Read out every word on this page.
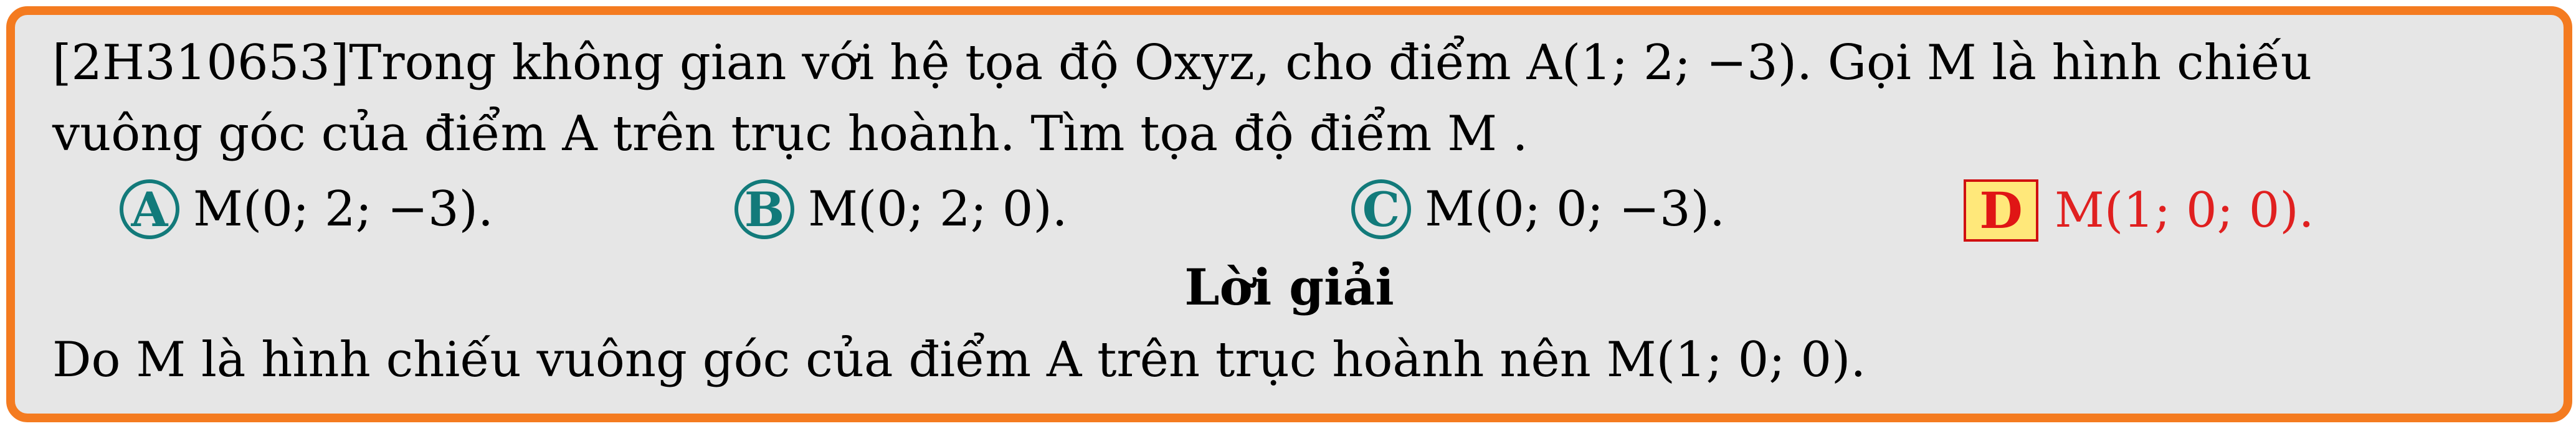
[2H310653]Trong không gian với hệ tọa độ Oxyz, cho điểm A(1; 2; −3). Gọi M là hình chiếu
vuông góc của điểm A trên trục hoành. Tìm tọa độ điểm M .
A M(0; 2; −3).	B M(0; 2; 0).	C M(0; 0; −3).	D M(1; 0; 0).
Lời giải
Do M là hình chiếu vuông góc của điểm A trên trục hoành nên M(1; 0; 0).
